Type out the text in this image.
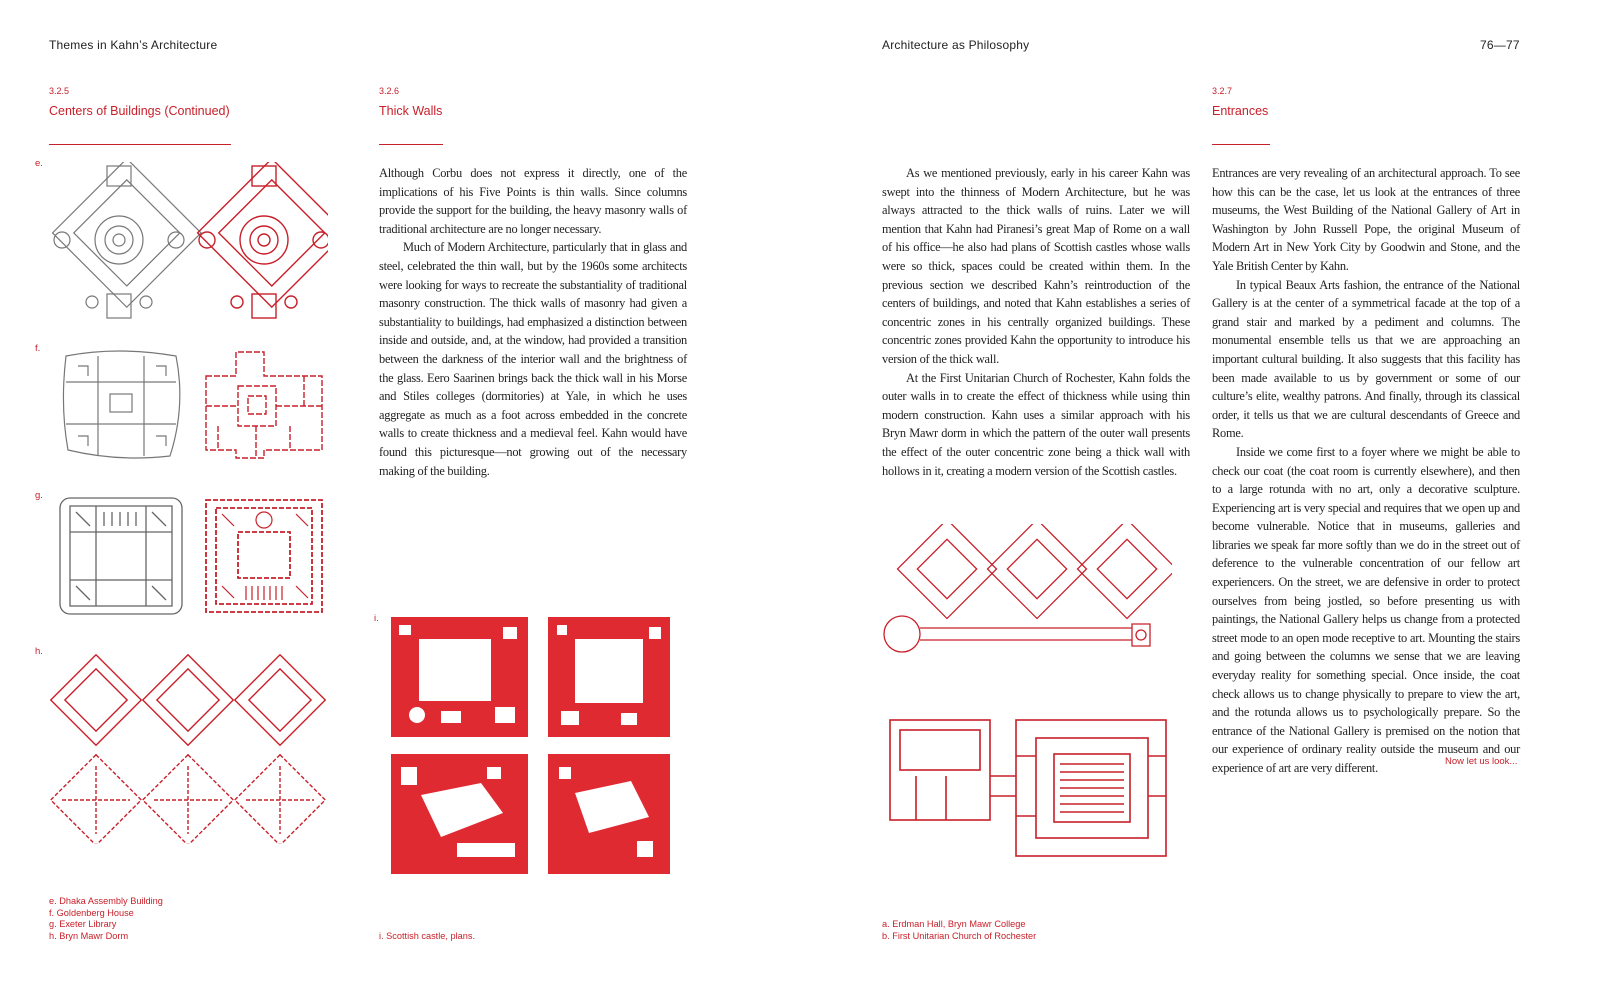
Themes in Kahn’s Architecture	Architecture as Philosophy	76—77
3.2.5
Centers of Buildings (Continued)
3.2.6
Thick Walls
3.2.7
Entrances

Although Corbu does not express it directly, one of the implications of his Five Points is thin walls. Since columns provide the support for the building, the heavy masonry walls of traditional architecture are no longer necessary.

Much of Modern Architecture, particularly that in glass and steel, celebrated the thin wall, but by the 1960s some architects were looking for ways to recreate the substantiality of traditional masonry construction. The thick walls of masonry had given a substantiality to buildings, had emphasized a distinction between inside and outside, and, at the window, had provided a transition between the darkness of the interior wall and the brightness of the glass. Eero Saarinen brings back the thick wall in his Morse and Stiles colleges (dormitories) at Yale, in which he uses aggregate as much as a foot across embedded in the concrete walls to create thickness and a medieval feel. Kahn would have found this picturesque—not growing out of the necessary making of the building.

As we mentioned previously, early in his career Kahn was swept into the thinness of Modern Architecture, but he was always attracted to the thick walls of ruins. Later we will mention that Kahn had Piranesi’s great Map of Rome on a wall of his office—he also had plans of Scottish castles whose walls were so thick, spaces could be created within them. In the previous section we described Kahn’s reintroduction of the centers of buildings, and noted that Kahn establishes a series of concentric zones in his centrally organized buildings. These concentric zones provided Kahn the opportunity to introduce his version of the thick wall.

At the First Unitarian Church of Rochester, Kahn folds the outer walls in to create the effect of thickness while using thin modern construction. Kahn uses a similar approach with his Bryn Mawr dorm in which the pattern of the outer wall presents the effect of the outer concentric zone being a thick wall with hollows in it, creating a modern version of the Scottish castles.

Entrances are very revealing of an architectural approach. To see how this can be the case, let us look at the entrances of three museums, the West Building of the National Gallery of Art in Washington by John Russell Pope, the original Museum of Modern Art in New York City by Goodwin and Stone, and the Yale British Center by Kahn.

In typical Beaux Arts fashion, the entrance of the National Gallery is at the center of a symmetrical facade at the top of a grand stair and marked by a pediment and columns. The monumental ensemble tells us that we are approaching an important cultural building. It also suggests that this facility has been made available to us by government or some of our culture’s elite, wealthy patrons. And finally, through its classical order, it tells us that we are cultural descendants of Greece and Rome.

Inside we come first to a foyer where we might be able to check our coat (the coat room is currently elsewhere), and then to a large rotunda with no art, only a decorative sculpture. Experiencing art is very special and requires that we open up and become vulnerable. Notice that in museums, galleries and libraries we speak far more softly than we do in the street out of deference to the vulnerable concentration of our fellow art experiencers. On the street, we are defensive in order to protect ourselves from being jostled, so before presenting us with paintings, the National Gallery helps us change from a protected street mode to an open mode receptive to art. Mounting the stairs and going between the columns we sense that we are leaving everyday reality for something special. Once inside, the coat check allows us to change physically to prepare to view the art, and the rotunda allows us to psychologically prepare. So the entrance of the National Gallery is premised on the notion that our experience of ordinary reality outside the museum and our experience of art are very different.	Now let us look...
e.
f.
g.
h.
i.
e. Dhaka Assembly Building
f. Goldenberg House
g. Exeter Library
h. Bryn Mawr Dorm	i. Scottish castle, plans.
a. Erdman Hall, Bryn Mawr College
b. First Unitarian Church of Rochester
